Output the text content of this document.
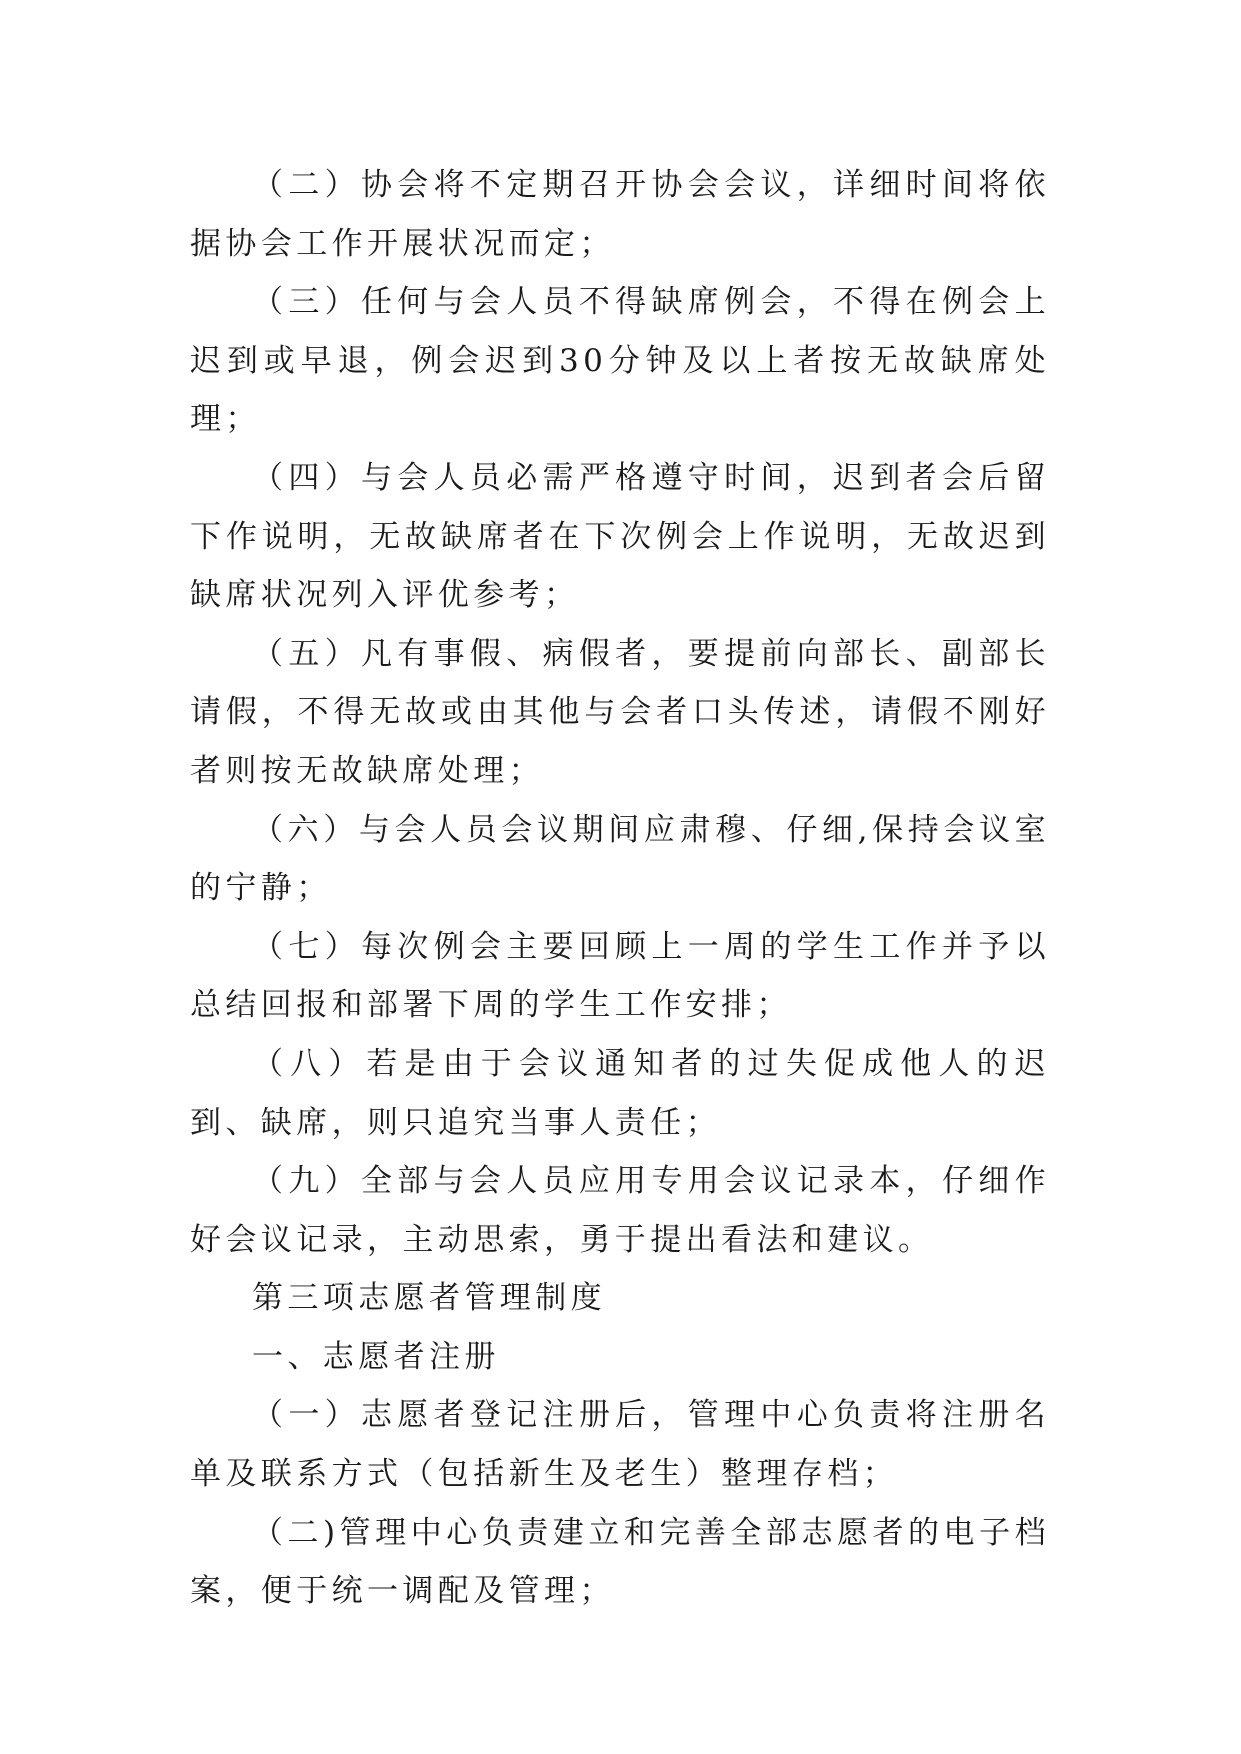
（二）协会将不定期召开协会会议，详细时间将依据协会工作开展状况而定；

（三）任何与会人员不得缺席例会，不得在例会上迟到或早退，例会迟到30分钟及以上者按无故缺席处理；

（四）与会人员必需严格遵守时间，迟到者会后留下作说明，无故缺席者在下次例会上作说明，无故迟到缺席状况列入评优参考；

（五）凡有事假、病假者，要提前向部长、副部长请假，不得无故或由其他与会者口头传述，请假不刚好者则按无故缺席处理；

（六）与会人员会议期间应肃穆、仔细,保持会议室的宁静；

（七）每次例会主要回顾上一周的学生工作并予以总结回报和部署下周的学生工作安排；

（八）若是由于会议通知者的过失促成他人的迟到、缺席，则只追究当事人责任；

（九）全部与会人员应用专用会议记录本，仔细作好会议记录，主动思索，勇于提出看法和建议。

第三项志愿者管理制度

一、志愿者注册

（一）志愿者登记注册后，管理中心负责将注册名单及联系方式（包括新生及老生）整理存档；

（二)管理中心负责建立和完善全部志愿者的电子档案，便于统一调配及管理；
